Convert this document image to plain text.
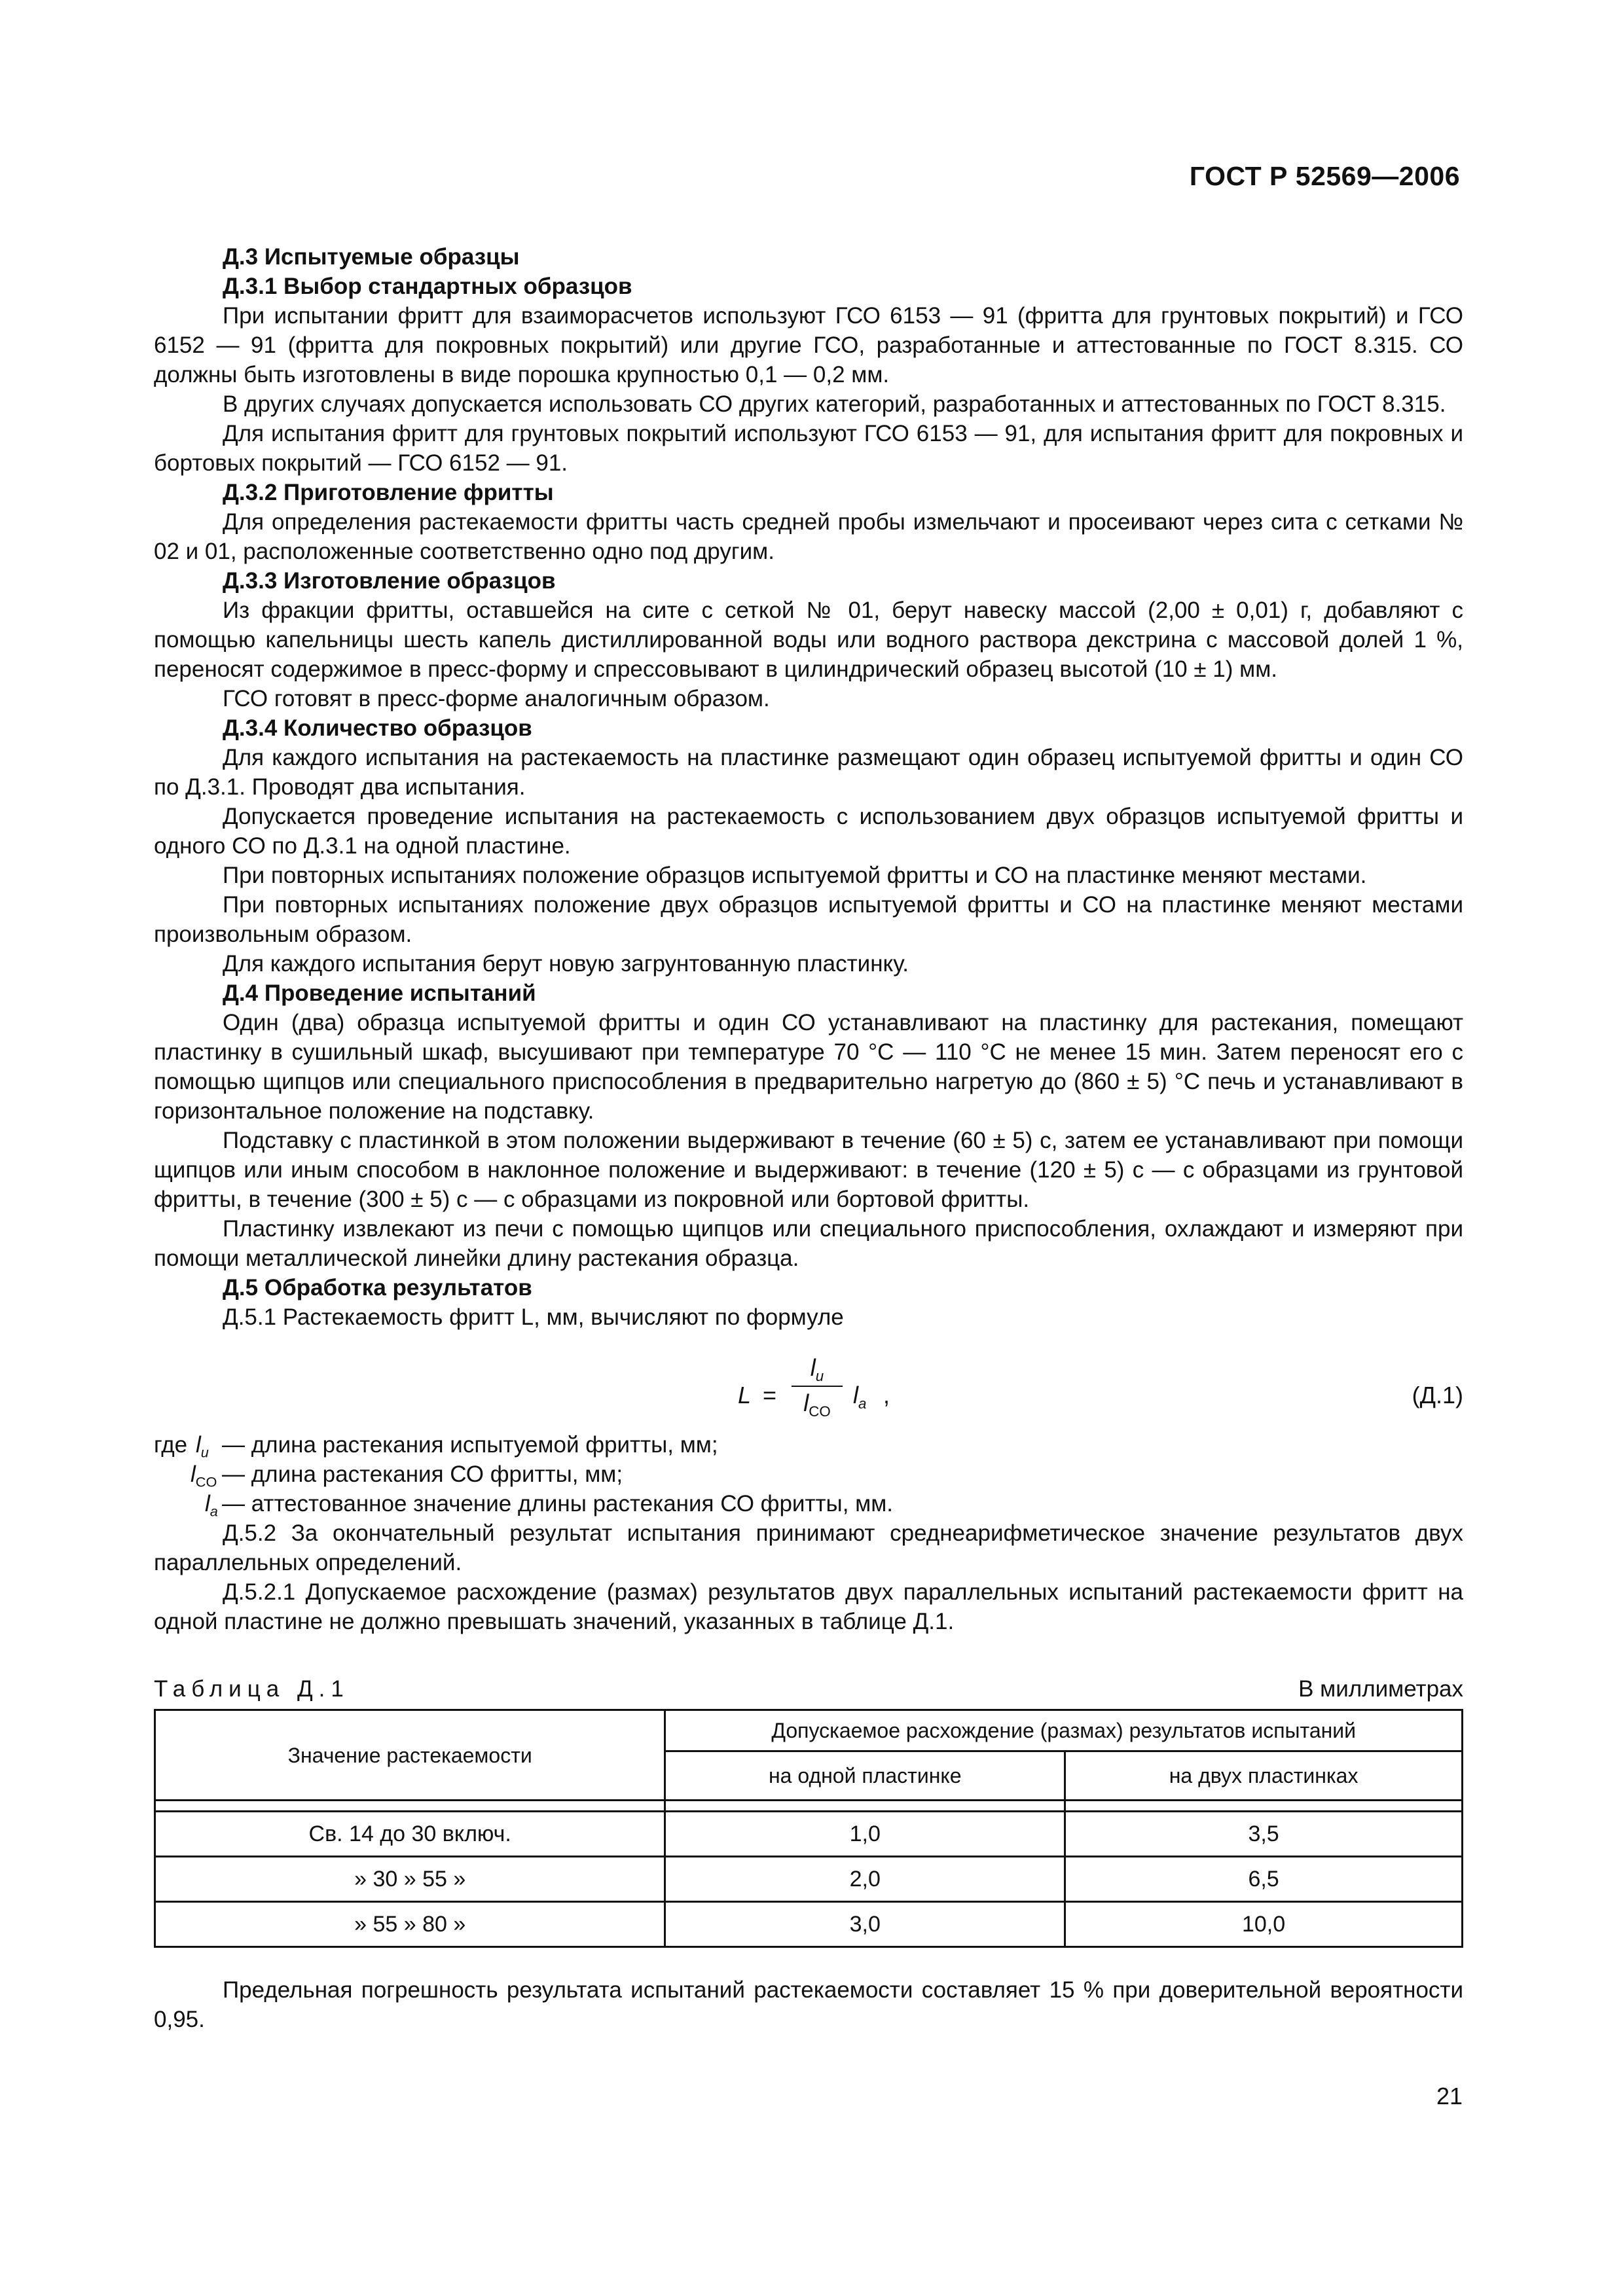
ГОСТ Р 52569—2006

Д.3 Испытуемые образцы

Д.3.1 Выбор стандартных образцов

При испытании фритт для взаиморасчетов используют ГСО 6153 — 91 (фритта для грунтовых покрытий) и ГСО 6152 — 91 (фритта для покровных покрытий) или другие ГСО, разработанные и аттестованные по ГОСТ 8.315. СО должны быть изготовлены в виде порошка крупностью 0,1 — 0,2 мм.

В других случаях допускается использовать СО других категорий, разработанных и аттестованных по ГОСТ 8.315.

Для испытания фритт для грунтовых покрытий используют ГСО 6153 — 91, для испытания фритт для покровных и бортовых покрытий — ГСО 6152 — 91.

Д.3.2 Приготовление фритты

Для определения растекаемости фритты часть средней пробы измельчают и просеивают через сита с сетками № 02 и 01, расположенные соответственно одно под другим.

Д.3.3 Изготовление образцов

Из фракции фритты, оставшейся на сите с сеткой № 01, берут навеску массой (2,00 ± 0,01) г, добавляют с помощью капельницы шесть капель дистиллированной воды или водного раствора декстрина с массовой долей 1 %, переносят содержимое в пресс-форму и спрессовывают в цилиндрический образец высотой (10 ± 1) мм.

ГСО готовят в пресс-форме аналогичным образом.

Д.3.4 Количество образцов

Для каждого испытания на растекаемость на пластинке размещают один образец испытуемой фритты и один СО по Д.3.1. Проводят два испытания.

Допускается проведение испытания на растекаемость с использованием двух образцов испытуемой фритты и одного СО по Д.3.1 на одной пластине.

При повторных испытаниях положение образцов испытуемой фритты и СО на пластинке меняют местами.

При повторных испытаниях положение двух образцов испытуемой фритты и СО на пластинке меняют местами произвольным образом.

Для каждого испытания берут новую загрунтованную пластинку.

Д.4 Проведение испытаний

Один (два) образца испытуемой фритты и один СО устанавливают на пластинку для растекания, помещают пластинку в сушильный шкаф, высушивают при температуре 70 °С — 110 °С не менее 15 мин. Затем переносят его с помощью щипцов или специального приспособления в предварительно нагретую до (860 ± 5) °С печь и устанавливают в горизонтальное положение на подставку.

Подставку с пластинкой в этом положении выдерживают в течение (60 ± 5) с, затем ее устанавливают при помощи щипцов или иным способом в наклонное положение и выдерживают: в течение (120 ± 5) с — с образцами из грунтовой фритты, в течение (300 ± 5) с — с образцами из покровной или бортовой фритты.

Пластинку извлекают из печи с помощью щипцов или специального приспособления, охлаждают и измеряют при помощи металлической линейки длину растекания образца.

Д.5 Обработка результатов

Д.5.1 Растекаемость фритт L, мм, вычисляют по формуле

L =
$l_u$
$l_{CO}$
$l_a$ ,	(Д.1)
где $l_u$ — длина растекания испытуемой фритты, мм;
$l_{CO}$ — длина растекания СО фритты, мм;
$l_a$ — аттестованное значение длины растекания СО фритты, мм.

Д.5.2 За окончательный результат испытания принимают среднеарифметическое значение результатов двух параллельных определений.

Д.5.2.1 Допускаемое расхождение (размах) результатов двух параллельных испытаний растекаемости фритт на одной пластине не должно превышать значений, указанных в таблице Д.1.

Таблица Д.1	В миллиметрах
Значение растекаемости	Допускаемое расхождение (размах) результатов испытаний	
	на одной пластинке	на двух пластинках

Св. 14 до 30 включ.	1,0	3,5
» 30 » 55 »	2,0	6,5
» 55 » 80 »	3,0	10,0

Предельная погрешность результата испытаний растекаемости составляет 15 % при доверительной вероятности 0,95.

21
